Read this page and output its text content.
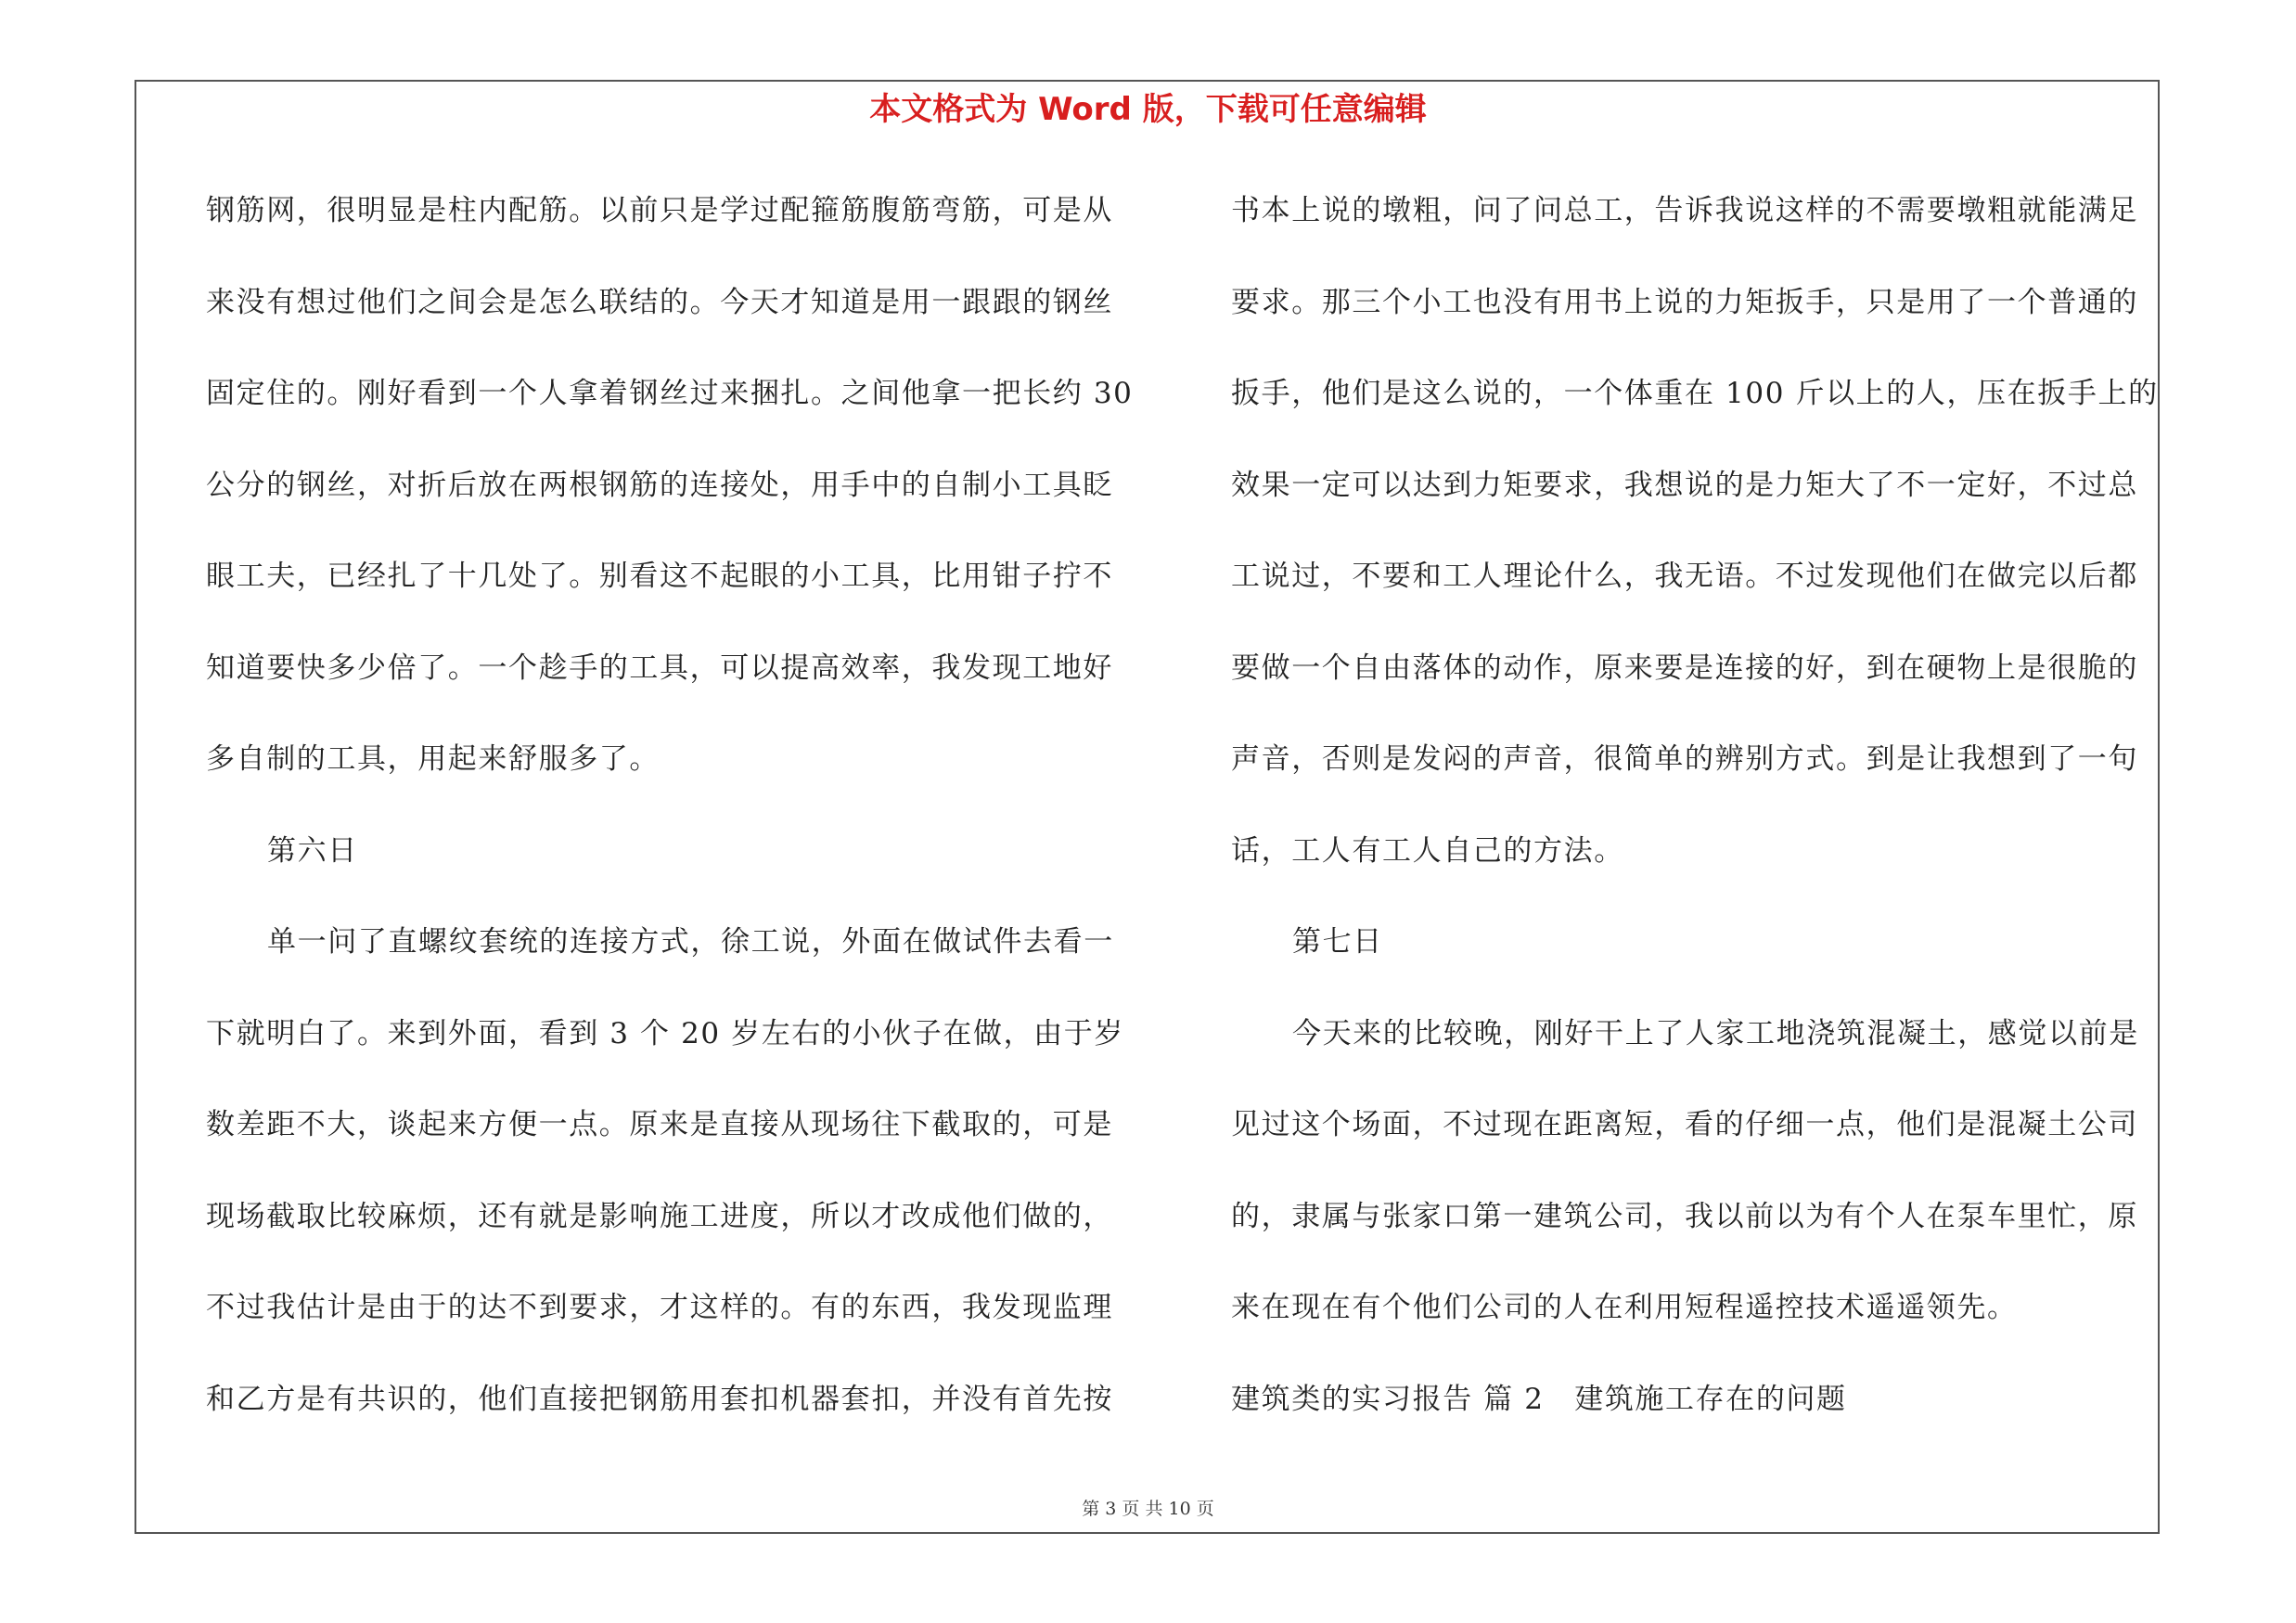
本文格式为 Word 版，下载可任意编辑
钢筋网，很明显是柱内配筋。以前只是学过配箍筋腹筋弯筋，可是从
来没有想过他们之间会是怎么联结的。今天才知道是用一跟跟的钢丝
固定住的。刚好看到一个人拿着钢丝过来捆扎。之间他拿一把长约 30
公分的钢丝，对折后放在两根钢筋的连接处，用手中的自制小工具眨
眼工夫，已经扎了十几处了。别看这不起眼的小工具，比用钳子拧不
知道要快多少倍了。一个趁手的工具，可以提高效率，我发现工地好
多自制的工具，用起来舒服多了。
第六日
单一问了直螺纹套统的连接方式，徐工说，外面在做试件去看一
下就明白了。来到外面，看到 3 个 20 岁左右的小伙子在做，由于岁
数差距不大，谈起来方便一点。原来是直接从现场往下截取的，可是
现场截取比较麻烦，还有就是影响施工进度，所以才改成他们做的，
不过我估计是由于的达不到要求，才这样的。有的东西，我发现监理
和乙方是有共识的，他们直接把钢筋用套扣机器套扣，并没有首先按
书本上说的墩粗，问了问总工，告诉我说这样的不需要墩粗就能满足
要求。那三个小工也没有用书上说的力矩扳手，只是用了一个普通的
扳手，他们是这么说的，一个体重在 100 斤以上的人，压在扳手上的
效果一定可以达到力矩要求，我想说的是力矩大了不一定好，不过总
工说过，不要和工人理论什么，我无语。不过发现他们在做完以后都
要做一个自由落体的动作，原来要是连接的好，到在硬物上是很脆的
声音，否则是发闷的声音，很简单的辨别方式。到是让我想到了一句
话，工人有工人自己的方法。
第七日
今天来的比较晚，刚好干上了人家工地浇筑混凝土，感觉以前是
见过这个场面，不过现在距离短，看的仔细一点，他们是混凝土公司
的，隶属与张家口第一建筑公司，我以前以为有个人在泵车里忙，原
来在现在有个他们公司的人在利用短程遥控技术遥遥领先。
建筑类的实习报告 篇 2　建筑施工存在的问题
第 3 页 共 10 页
